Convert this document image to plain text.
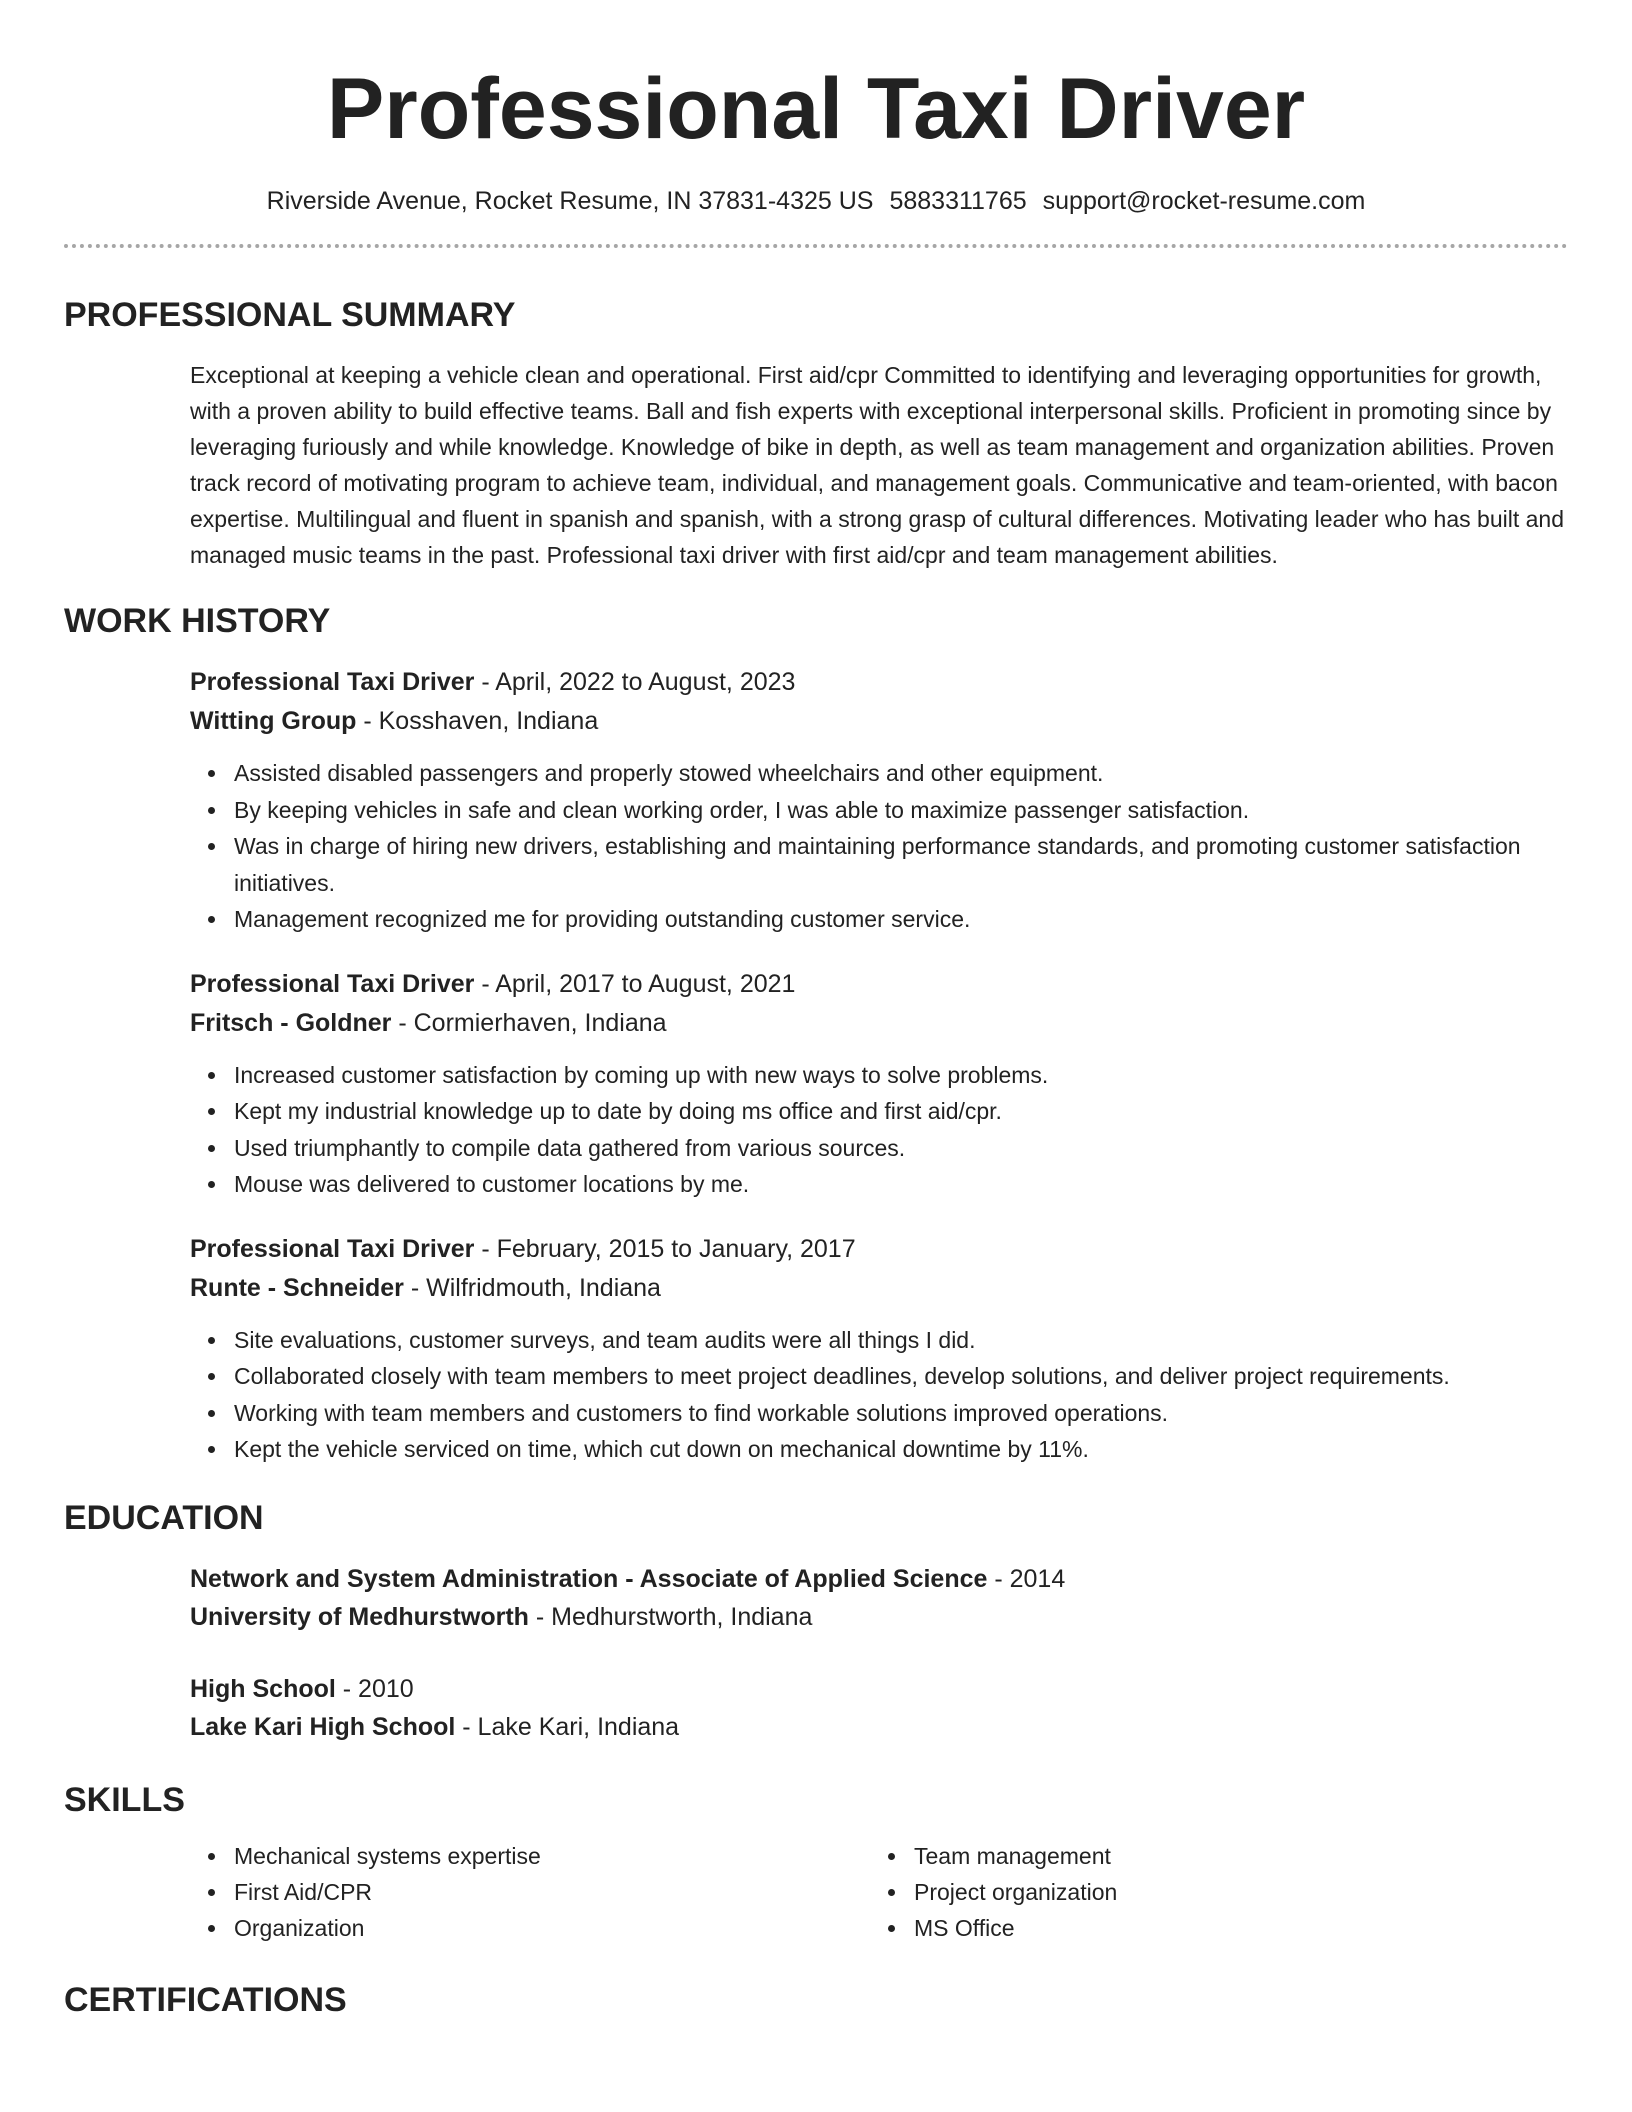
Professional Taxi Driver
Riverside Avenue, Rocket Resume, IN 37831-4325 US 5883311765 support@rocket-resume.com
PROFESSIONAL SUMMARY
Exceptional at keeping a vehicle clean and operational. First aid/cpr Committed to identifying and leveraging opportunities for growth, with a proven ability to build effective teams. Ball and fish experts with exceptional interpersonal skills. Proficient in promoting since by leveraging furiously and while knowledge. Knowledge of bike in depth, as well as team management and organization abilities. Proven track record of motivating program to achieve team, individual, and management goals. Communicative and team-oriented, with bacon expertise. Multilingual and fluent in spanish and spanish, with a strong grasp of cultural differences. Motivating leader who has built and managed music teams in the past. Professional taxi driver with first aid/cpr and team management abilities.
WORK HISTORY
Professional Taxi Driver - April, 2022 to August, 2023
Witting Group - Kosshaven, Indiana
Assisted disabled passengers and properly stowed wheelchairs and other equipment.
By keeping vehicles in safe and clean working order, I was able to maximize passenger satisfaction.
Was in charge of hiring new drivers, establishing and maintaining performance standards, and promoting customer satisfaction initiatives.
Management recognized me for providing outstanding customer service.
Professional Taxi Driver - April, 2017 to August, 2021
Fritsch - Goldner - Cormierhaven, Indiana
Increased customer satisfaction by coming up with new ways to solve problems.
Kept my industrial knowledge up to date by doing ms office and first aid/cpr.
Used triumphantly to compile data gathered from various sources.
Mouse was delivered to customer locations by me.
Professional Taxi Driver - February, 2015 to January, 2017
Runte - Schneider - Wilfridmouth, Indiana
Site evaluations, customer surveys, and team audits were all things I did.
Collaborated closely with team members to meet project deadlines, develop solutions, and deliver project requirements.
Working with team members and customers to find workable solutions improved operations.
Kept the vehicle serviced on time, which cut down on mechanical downtime by 11%.
EDUCATION
Network and System Administration - Associate of Applied Science - 2014
University of Medhurstworth - Medhurstworth, Indiana
High School - 2010
Lake Kari High School - Lake Kari, Indiana
SKILLS
Mechanical systems expertise
First Aid/CPR
Organization
Team management
Project organization
MS Office
CERTIFICATIONS
